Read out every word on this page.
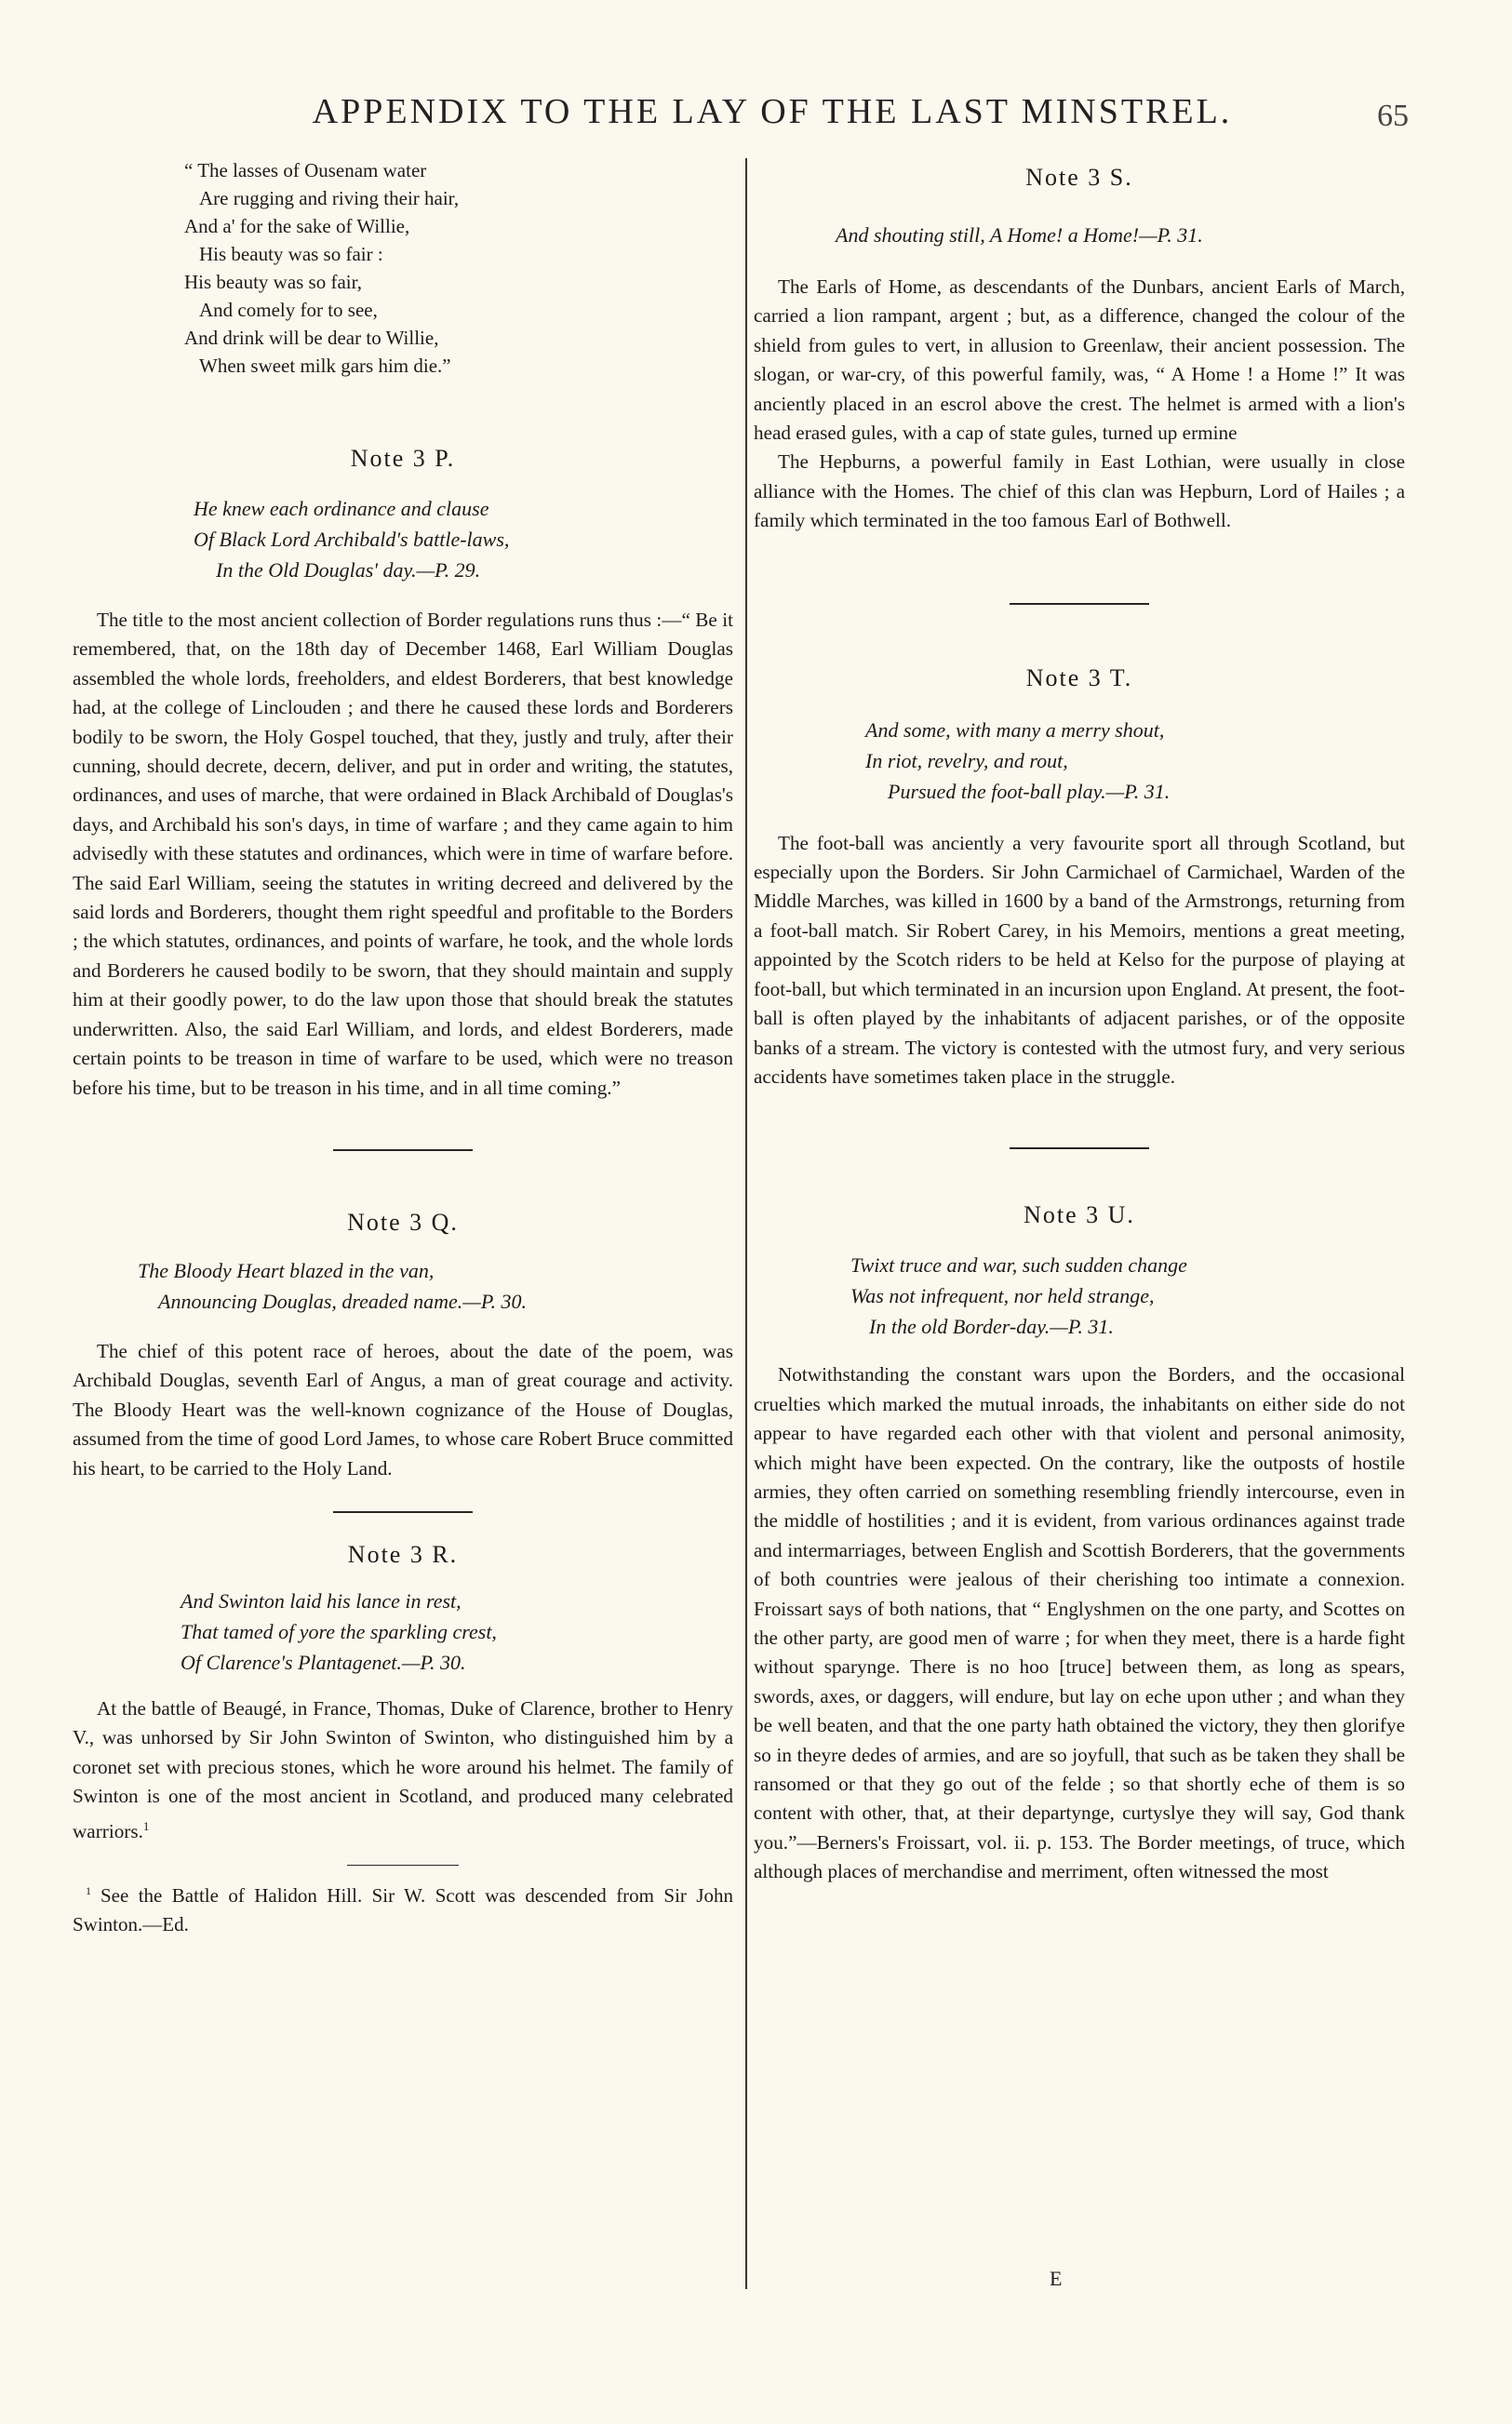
APPENDIX TO THE LAY OF THE LAST MINSTREL.	65
“ The lasses of Ousenam water
Are rugging and riving their hair,
And a' for the sake of Willie,
His beauty was so fair :
His beauty was so fair,
And comely for to see,
And drink will be dear to Willie,
When sweet milk gars him die.”
Note 3 P.
He knew each ordinance and clause
Of Black Lord Archibald's battle-laws,
In the Old Douglas' day.—P. 29.

The title to the most ancient collection of Border regulations runs thus :—“ Be it remembered, that, on the 18th day of December 1468, Earl William Douglas assembled the whole lords, freeholders, and eldest Borderers, that best knowledge had, at the college of Linclouden ; and there he caused these lords and Borderers bodily to be sworn, the Holy Gospel touched, that they, justly and truly, after their cunning, should decrete, decern, deliver, and put in order and writing, the statutes, ordinances, and uses of marche, that were ordained in Black Archibald of Douglas's days, and Archibald his son's days, in time of warfare ; and they came again to him advisedly with these statutes and ordinances, which were in time of warfare before. The said Earl William, seeing the statutes in writing decreed and delivered by the said lords and Borderers, thought them right speedful and profitable to the Borders ; the which statutes, ordinances, and points of warfare, he took, and the whole lords and Borderers he caused bodily to be sworn, that they should maintain and supply him at their goodly power, to do the law upon those that should break the statutes underwritten. Also, the said Earl William, and lords, and eldest Borderers, made certain points to be treason in time of warfare to be used, which were no treason before his time, but to be treason in his time, and in all time coming.”

Note 3 Q.
The Bloody Heart blazed in the van,
Announcing Douglas, dreaded name.—P. 30.

The chief of this potent race of heroes, about the date of the poem, was Archibald Douglas, seventh Earl of Angus, a man of great courage and activity. The Bloody Heart was the well-known cognizance of the House of Douglas, assumed from the time of good Lord James, to whose care Robert Bruce committed his heart, to be carried to the Holy Land.

Note 3 R.
And Swinton laid his lance in rest,
That tamed of yore the sparkling crest,
Of Clarence's Plantagenet.—P. 30.

At the battle of Beaugé, in France, Thomas, Duke of Clarence, brother to Henry V., was unhorsed by Sir John Swinton of Swinton, who distinguished him by a coronet set with precious stones, which he wore around his helmet. The family of Swinton is one of the most ancient in Scotland, and produced many celebrated warriors.$^1$

$^1$ See the Battle of Halidon Hill. Sir W. Scott was descended from Sir John Swinton.—Ed.

Note 3 S.
And shouting still, A Home! a Home!—P. 31.

The Earls of Home, as descendants of the Dunbars, ancient Earls of March, carried a lion rampant, argent ; but, as a difference, changed the colour of the shield from gules to vert, in allusion to Greenlaw, their ancient possession. The slogan, or war-cry, of this powerful family, was, “ A Home ! a Home !” It was anciently placed in an escrol above the crest. The helmet is armed with a lion's head erased gules, with a cap of state gules, turned up ermine

The Hepburns, a powerful family in East Lothian, were usually in close alliance with the Homes. The chief of this clan was Hepburn, Lord of Hailes ; a family which terminated in the too famous Earl of Bothwell.

Note 3 T.
And some, with many a merry shout,
In riot, revelry, and rout,
Pursued the foot-ball play.—P. 31.

The foot-ball was anciently a very favourite sport all through Scotland, but especially upon the Borders. Sir John Carmichael of Carmichael, Warden of the Middle Marches, was killed in 1600 by a band of the Armstrongs, returning from a foot-ball match. Sir Robert Carey, in his Memoirs, mentions a great meeting, appointed by the Scotch riders to be held at Kelso for the purpose of playing at foot-ball, but which terminated in an incursion upon England. At present, the foot-ball is often played by the inhabitants of adjacent parishes, or of the opposite banks of a stream. The victory is contested with the utmost fury, and very serious accidents have sometimes taken place in the struggle.

Note 3 U.
Twixt truce and war, such sudden change
Was not infrequent, nor held strange,
In the old Border-day.—P. 31.

Notwithstanding the constant wars upon the Borders, and the occasional cruelties which marked the mutual inroads, the inhabitants on either side do not appear to have regarded each other with that violent and personal animosity, which might have been expected. On the contrary, like the outposts of hostile armies, they often carried on something resembling friendly intercourse, even in the middle of hostilities ; and it is evident, from various ordinances against trade and intermarriages, between English and Scottish Borderers, that the governments of both countries were jealous of their cherishing too intimate a connexion. Froissart says of both nations, that “ Englyshmen on the one party, and Scottes on the other party, are good men of warre ; for when they meet, there is a harde fight without sparynge. There is no hoo [truce] between them, as long as spears, swords, axes, or daggers, will endure, but lay on eche upon uther ; and whan they be well beaten, and that the one party hath obtained the victory, they then glorifye so in theyre dedes of armies, and are so joyfull, that such as be taken they shall be ransomed or that they go out of the felde ; so that shortly eche of them is so content with other, that, at their departynge, curtyslye they will say, God thank you.”—Berners's Froissart, vol. ii. p. 153. The Border meetings, of truce, which although places of merchandise and merriment, often witnessed the most

E
